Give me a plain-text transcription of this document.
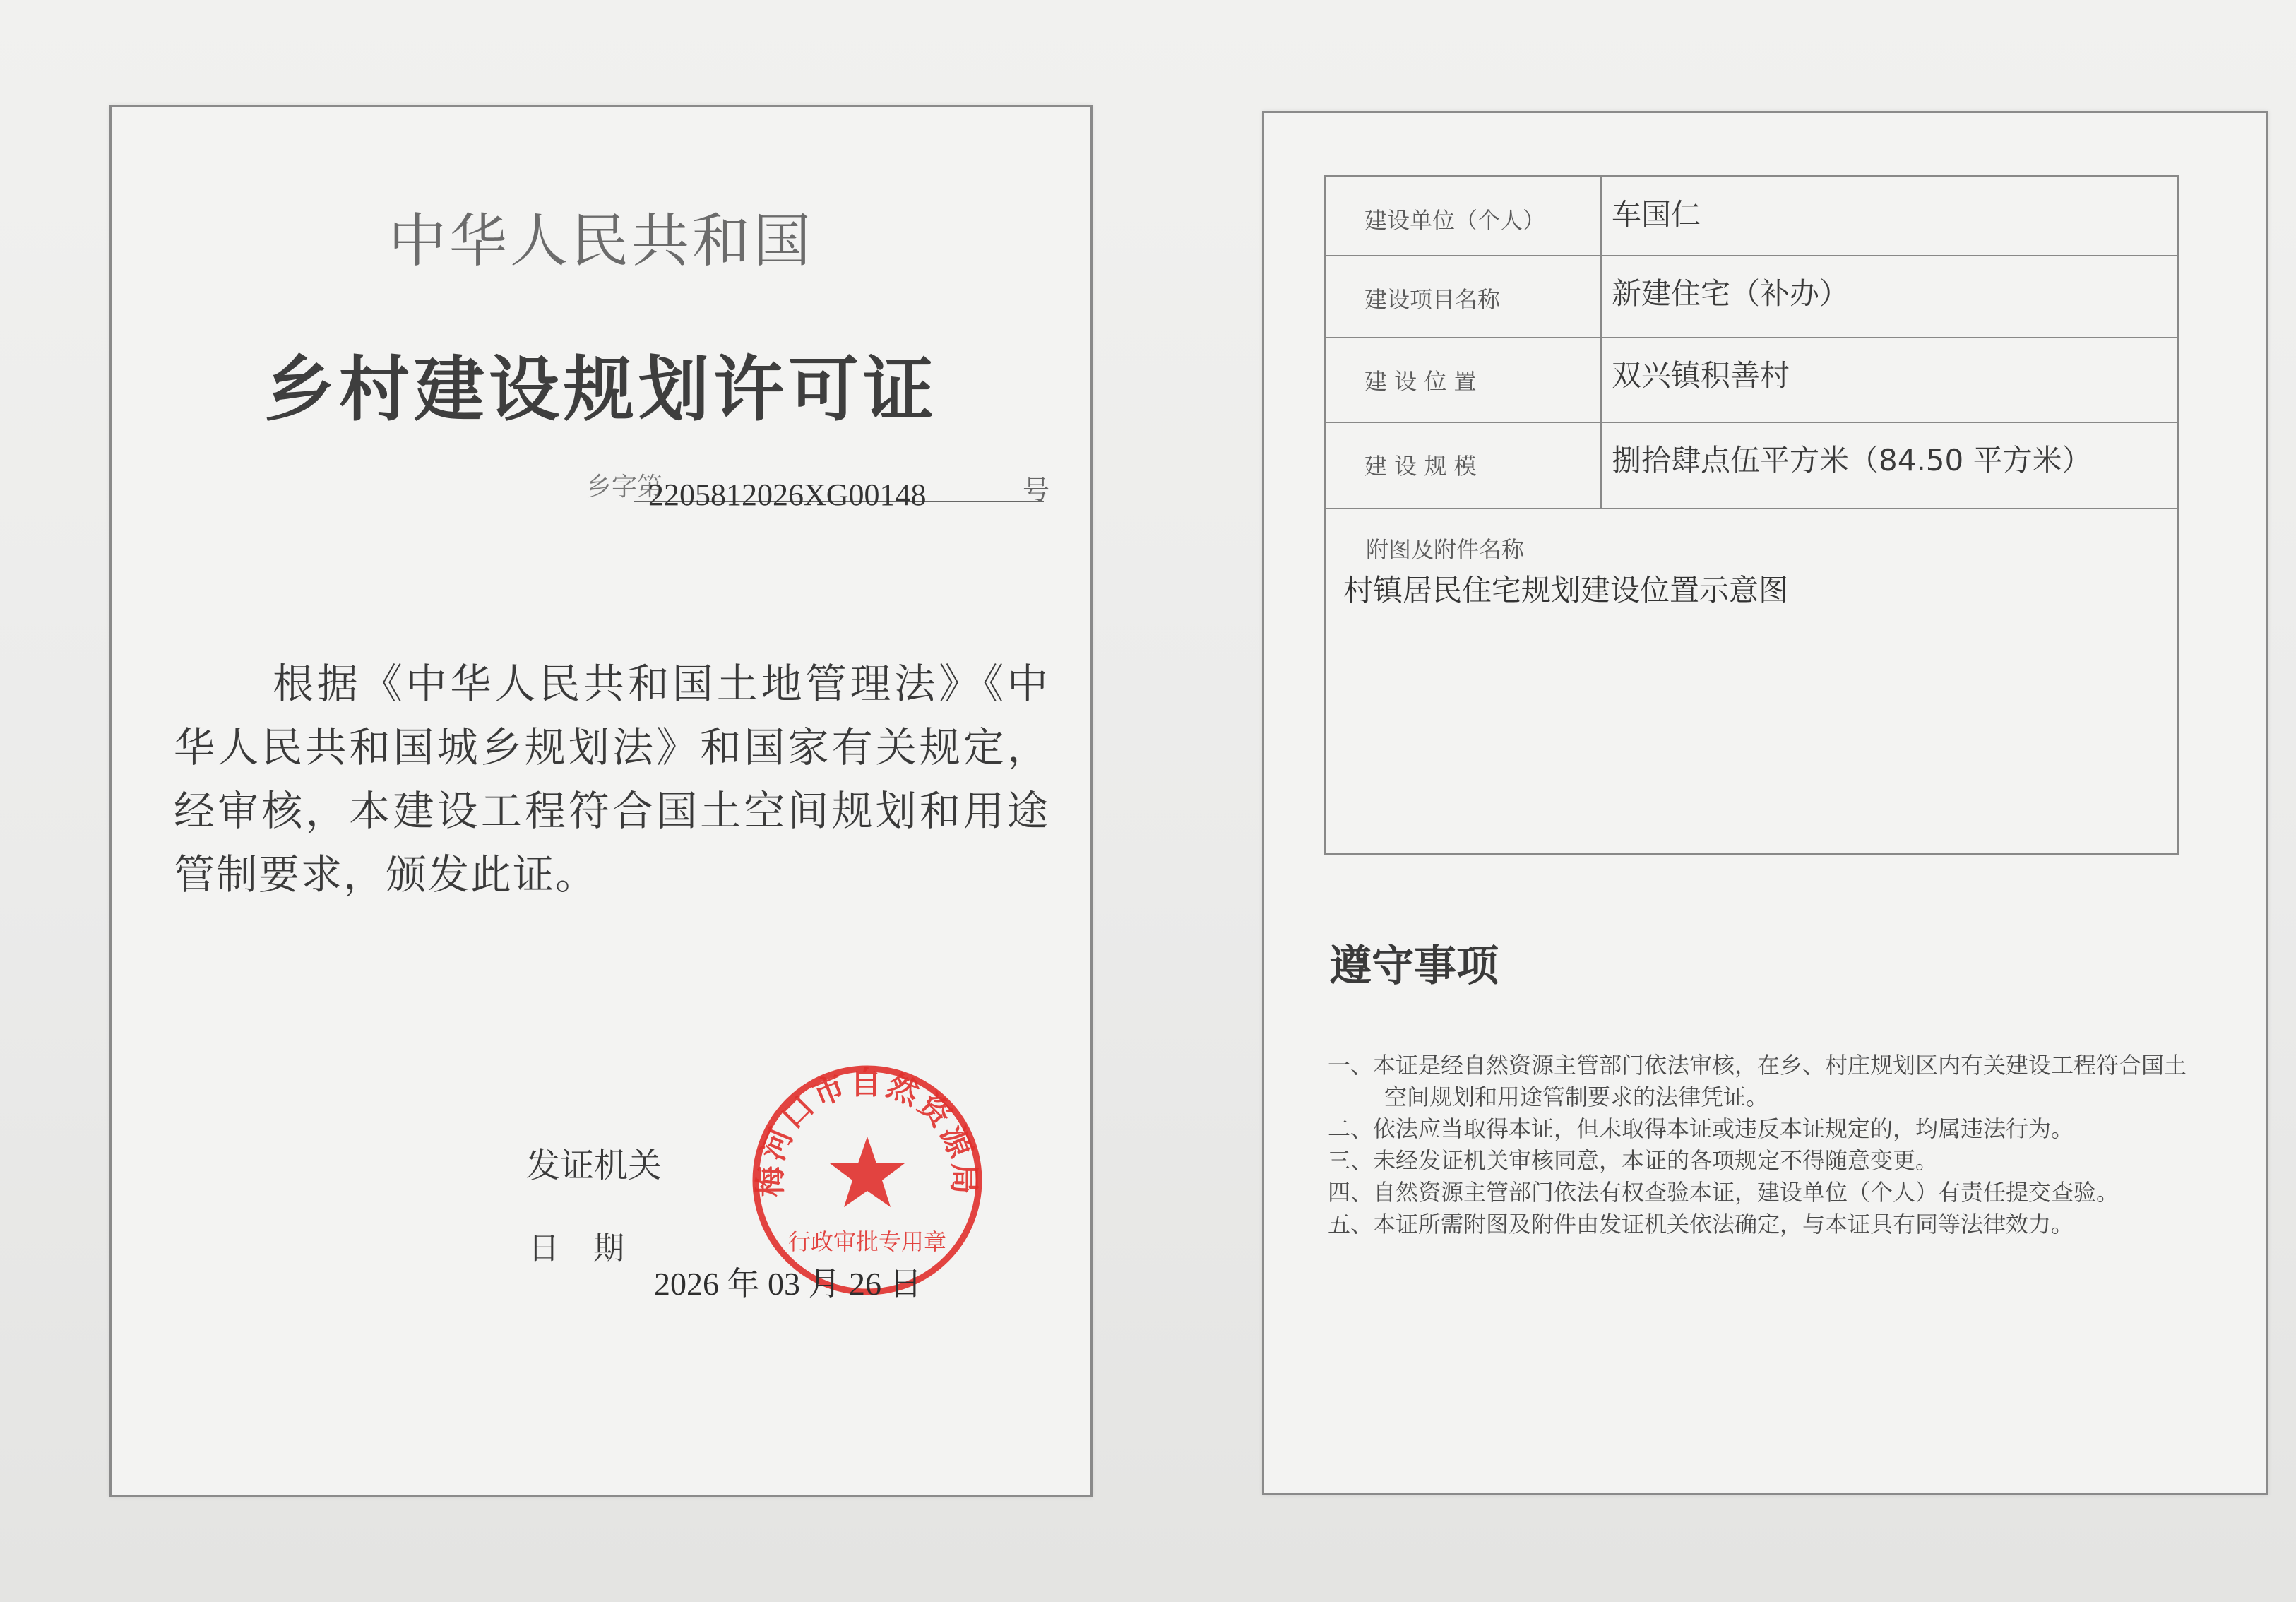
中华人民共和国
乡村建设规划许可证
乡字第
2205812026XG00148	号
根据《中华人民共和国土地管理法》《中华人民共和国城乡规划法》和国家有关规定，经审核，本建设工程符合国土空间规划和用途管制要求，颁发此证。
发证机关
日期
梅河口市自然资源局
行政审批专用章
2026 年 03 月 26 日
建设单位（个人）	车国仁
建设项目名称	新建住宅（补办）
建 设 位 置	双兴镇积善村
建 设 规 模	捌拾肆点伍平方米（84.50 平方米）
附图及附件名称
村镇居民住宅规划建设位置示意图
遵守事项

一、本证是经自然资源主管部门依法审核，在乡、村庄规划区内有关建设工程符合国土空间规划和用途管制要求的法律凭证。

二、依法应当取得本证，但未取得本证或违反本证规定的，均属违法行为。

三、未经发证机关审核同意，本证的各项规定不得随意变更。

四、自然资源主管部门依法有权查验本证，建设单位（个人）有责任提交查验。

五、本证所需附图及附件由发证机关依法确定，与本证具有同等法律效力。
